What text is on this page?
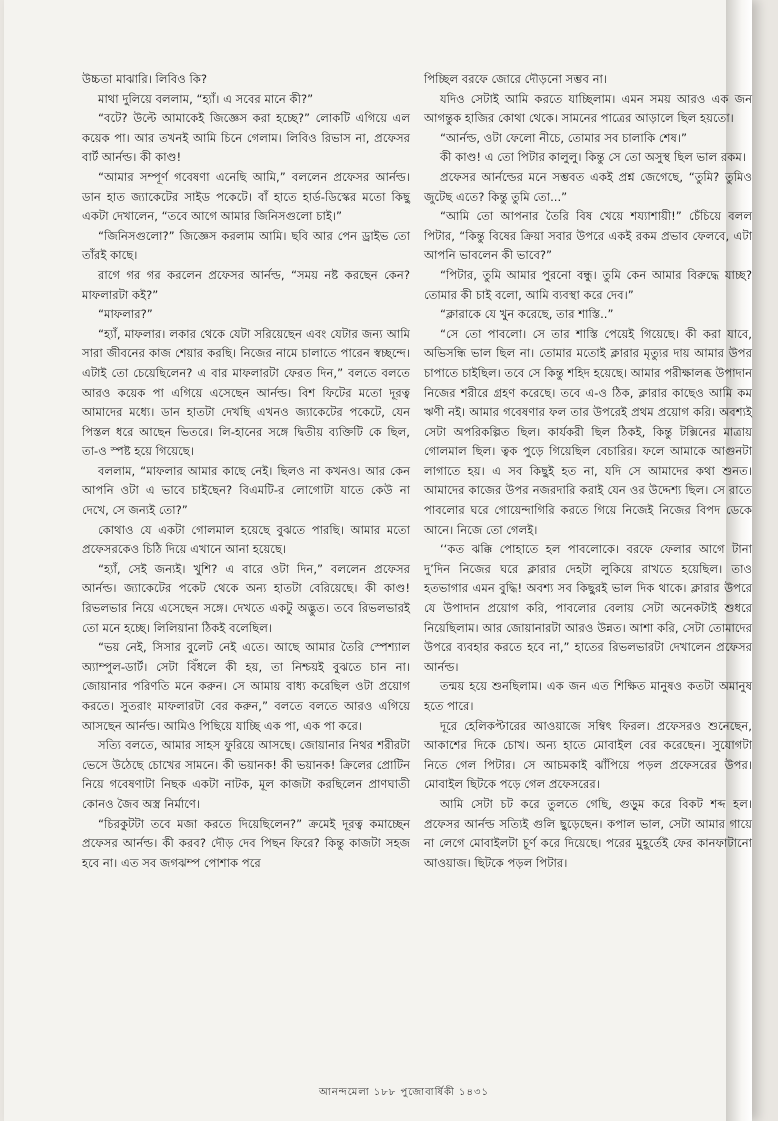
উচ্চতা মাঝারি। লিবিও কি?

মাথা দুলিয়ে বললাম, “হ্যাঁ। এ সবের মানে কী?”

“বটে? উল্টে আমাকেই জিজ্ঞেস করা হচ্ছে?” লোকটি এগিয়ে এল কয়েক পা। আর তখনই আমি চিনে গেলাম। লিবিও রিভাস না, প্রফেসর বার্ট আর্নল্ড। কী কাণ্ড!

“আমার সম্পূর্ণ গবেষণা এনেছি আমি,” বললেন প্রফেসর আর্নল্ড। ডান হাত জ্যাকেটের সাইড পকেটে। বাঁ হাতে হার্ড-ডিস্কের মতো কিছু একটা দেখালেন, “তবে আগে আমার জিনিসগুলো চাই।”

“জিনিসগুলো?” জিজ্ঞেস করলাম আমি। ছবি আর পেন ড্রাইভ তো তাঁরই কাছে।

রাগে গর গর করলেন প্রফেসর আর্নল্ড, “সময় নষ্ট করছেন কেন? মাফলারটা কই?”

“মাফলার?”

“হ্যাঁ, মাফলার। লকার থেকে যেটা সরিয়েছেন এবং যেটার জন্য আমি সারা জীবনের কাজ শেয়ার করছি। নিজের নামে চালাতে পারেন স্বচ্ছন্দে। এটাই তো চেয়েছিলেন? এ বার মাফলারটা ফেরত দিন,” বলতে বলতে আরও কয়েক পা এগিয়ে এসেছেন আর্নল্ড। বিশ ফিটের মতো দূরত্ব আমাদের মধ্যে। ডান হাতটা দেখছি এখনও জ্যাকেটের পকেটে, যেন পিস্তল ধরে আছেন ভিতরে। লি-হানের সঙ্গে দ্বিতীয় ব্যক্তিটি কে ছিল, তা-ও স্পষ্ট হয়ে গিয়েছে।

বললাম, “মাফলার আমার কাছে নেই। ছিলও না কখনও। আর কেন আপনি ওটা এ ভাবে চাইছেন? বিএমটি-র লোগোটা যাতে কেউ না দেখে, সে জন্যই তো?”

কোথাও যে একটা গোলমাল হয়েছে বুঝতে পারছি। আমার মতো প্রফেসরকেও চিঠি দিয়ে এখানে আনা হয়েছে।

“হ্যাঁ, সেই জন্যই। খুশি? এ বারে ওটা দিন,” বললেন প্রফেসর আর্নল্ড। জ্যাকেটের পকেট থেকে অন্য হাতটা বেরিয়েছে। কী কাণ্ড! রিভলভার নিয়ে এসেছেন সঙ্গে। দেখতে একটু অদ্ভুত। তবে রিভলভারই তো মনে হচ্ছে। লিলিয়ানা ঠিকই বলেছিল।

“ভয় নেই, সিসার বুলেট নেই এতে। আছে আমার তৈরি স্পেশ্যাল অ্যাম্পুল-ডার্ট। সেটা বিঁধলে কী হয়, তা নিশ্চয়ই বুঝতে চান না। জোয়ানার পরিণতি মনে করুন। সে আমায় বাধ্য করেছিল ওটা প্রয়োগ করতে। সুতরাং মাফলারটা বের করুন,” বলতে বলতে আরও এগিয়ে আসছেন আর্নল্ড। আমিও পিছিয়ে যাচ্ছি এক পা, এক পা করে।

সত্যি বলতে, আমার সাহস ফুরিয়ে আসছে। জোয়ানার নিথর শরীরটা ভেসে উঠেছে চোখের সামনে। কী ভয়ানক! কী ভয়ানক! ক্রিলের প্রোটিন নিয়ে গবেষণাটা নিছক একটা নাটক, মূল কাজটা করছিলেন প্রাণঘাতী কোনও জৈব অস্ত্র নির্মাণে।

“চিরকুটটা তবে মজা করতে দিয়েছিলেন?” ক্রমেই দূরত্ব কমাচ্ছেন প্রফেসর আর্নল্ড। কী করব? দৌড় দেব পিছন ফিরে? কিন্তু কাজটা সহজ হবে না। এত সব জগঝম্প পোশাক পরে

পিচ্ছিল বরফে জোরে দৌড়নো সম্ভব না।

যদিও সেটাই আমি করতে যাচ্ছিলাম। এমন সময় আরও এক জন আগন্তুক হাজির কোথা থেকে। সামনের পাত্রের আড়ালে ছিল হয়তো।

“আর্নল্ড, ওটা ফেলো নীচে, তোমার সব চালাকি শেষ।”

কী কাণ্ড! এ তো পিটার কালুলু। কিন্তু সে তো অসুস্থ ছিল ভাল রকম।

প্রফেসর আর্নল্ডের মনে সম্ভবত একই প্রশ্ন জেগেছে, “তুমি? তুমিও জুটেছ এতে? কিন্তু তুমি তো...”

“আমি তো আপনার তৈরি বিষ খেয়ে শয্যাশায়ী!” চেঁচিয়ে বলল পিটার, “কিন্তু বিষের ক্রিয়া সবার উপরে একই রকম প্রভাব ফেলবে, এটা আপনি ভাবলেন কী ভাবে?”

“পিটার, তুমি আমার পুরনো বন্ধু। তুমি কেন আমার বিরুদ্ধে যাচ্ছ? তোমার কী চাই বলো, আমি ব্যবস্থা করে দেব।”

“ক্লারাকে যে খুন করেছে, তার শাস্তি..”

“সে তো পাবলো। সে তার শাস্তি পেয়েই গিয়েছে। কী করা যাবে, অভিসন্ধি ভাল ছিল না। তোমার মতোই ক্লারার মৃত্যুর দায় আমার উপর চাপাতে চাইছিল। তবে সে কিন্তু শহিদ হয়েছে। আমার পরীক্ষালব্ধ উপাদান নিজের শরীরে গ্রহণ করেছে। তবে এ-ও ঠিক, ক্লারার কাছেও আমি কম ঋণী নই। আমার গবেষণার ফল তার উপরেই প্রথম প্রয়োগ করি। অবশ্যই সেটা অপরিকল্পিত ছিল। কার্যকরী ছিল ঠিকই, কিন্তু টক্সিনের মাত্রায় গোলমাল ছিল। ত্বক পুড়ে গিয়েছিল বেচারির। ফলে আমাকে আগুনটা লাগাতে হয়। এ সব কিছুই হত না, যদি সে আমাদের কথা শুনত। আমাদের কাজের উপর নজরদারি করাই যেন ওর উদ্দেশ্য ছিল। সে রাতে পাবলোর ঘরে গোয়েন্দাগিরি করতে গিয়ে নিজেই নিজের বিপদ ডেকে আনে। নিজে তো গেলই।

‘‘কত ঝক্কি পোহাতে হল পাবলোকে। বরফে ফেলার আগে টানা দু’দিন নিজের ঘরে ক্লারার দেহটা লুকিয়ে রাখতে হয়েছিল। তাও হতভাগার এমন বুদ্ধি! অবশ্য সব কিছুরই ভাল দিক থাকে। ক্লারার উপরে যে উপাদান প্রয়োগ করি, পাবলোর বেলায় সেটা অনেকটাই শুধরে নিয়েছিলাম। আর জোয়ানারটা আরও উন্নত। আশা করি, সেটা তোমাদের উপরে ব্যবহার করতে হবে না,” হাতের রিভলভারটা দেখালেন প্রফেসর আর্নল্ড।

তন্ময় হয়ে শুনছিলাম। এক জন এত শিক্ষিত মানুষও কতটা অমানুষ হতে পারে।

দূরে হেলিকপ্টারের আওয়াজে সম্বিৎ ফিরল। প্রফেসরও শুনেছেন, আকাশের দিকে চোখ। অন্য হাতে মোবাইল বের করেছেন। সুযোগটা নিতে গেল পিটার। সে আচমকাই ঝাঁপিয়ে পড়ল প্রফেসরের উপর। মোবাইল ছিটকে পড়ে গেল প্রফেসরের।

আমি সেটা চট করে তুলতে গেছি, গুড়ুম করে বিকট শব্দ হল। প্রফেসর আর্নল্ড সত্যিই গুলি ছুড়েছেন। কপাল ভাল, সেটা আমার গায়ে না লেগে মোবাইলটা চূর্ণ করে দিয়েছে। পরের মুহূর্তেই ফের কানফাটানো আওয়াজ। ছিটকে পড়ল পিটার।

আনন্দমেলা ১৮৮ পুজোবার্ষিকী ১৪৩১
